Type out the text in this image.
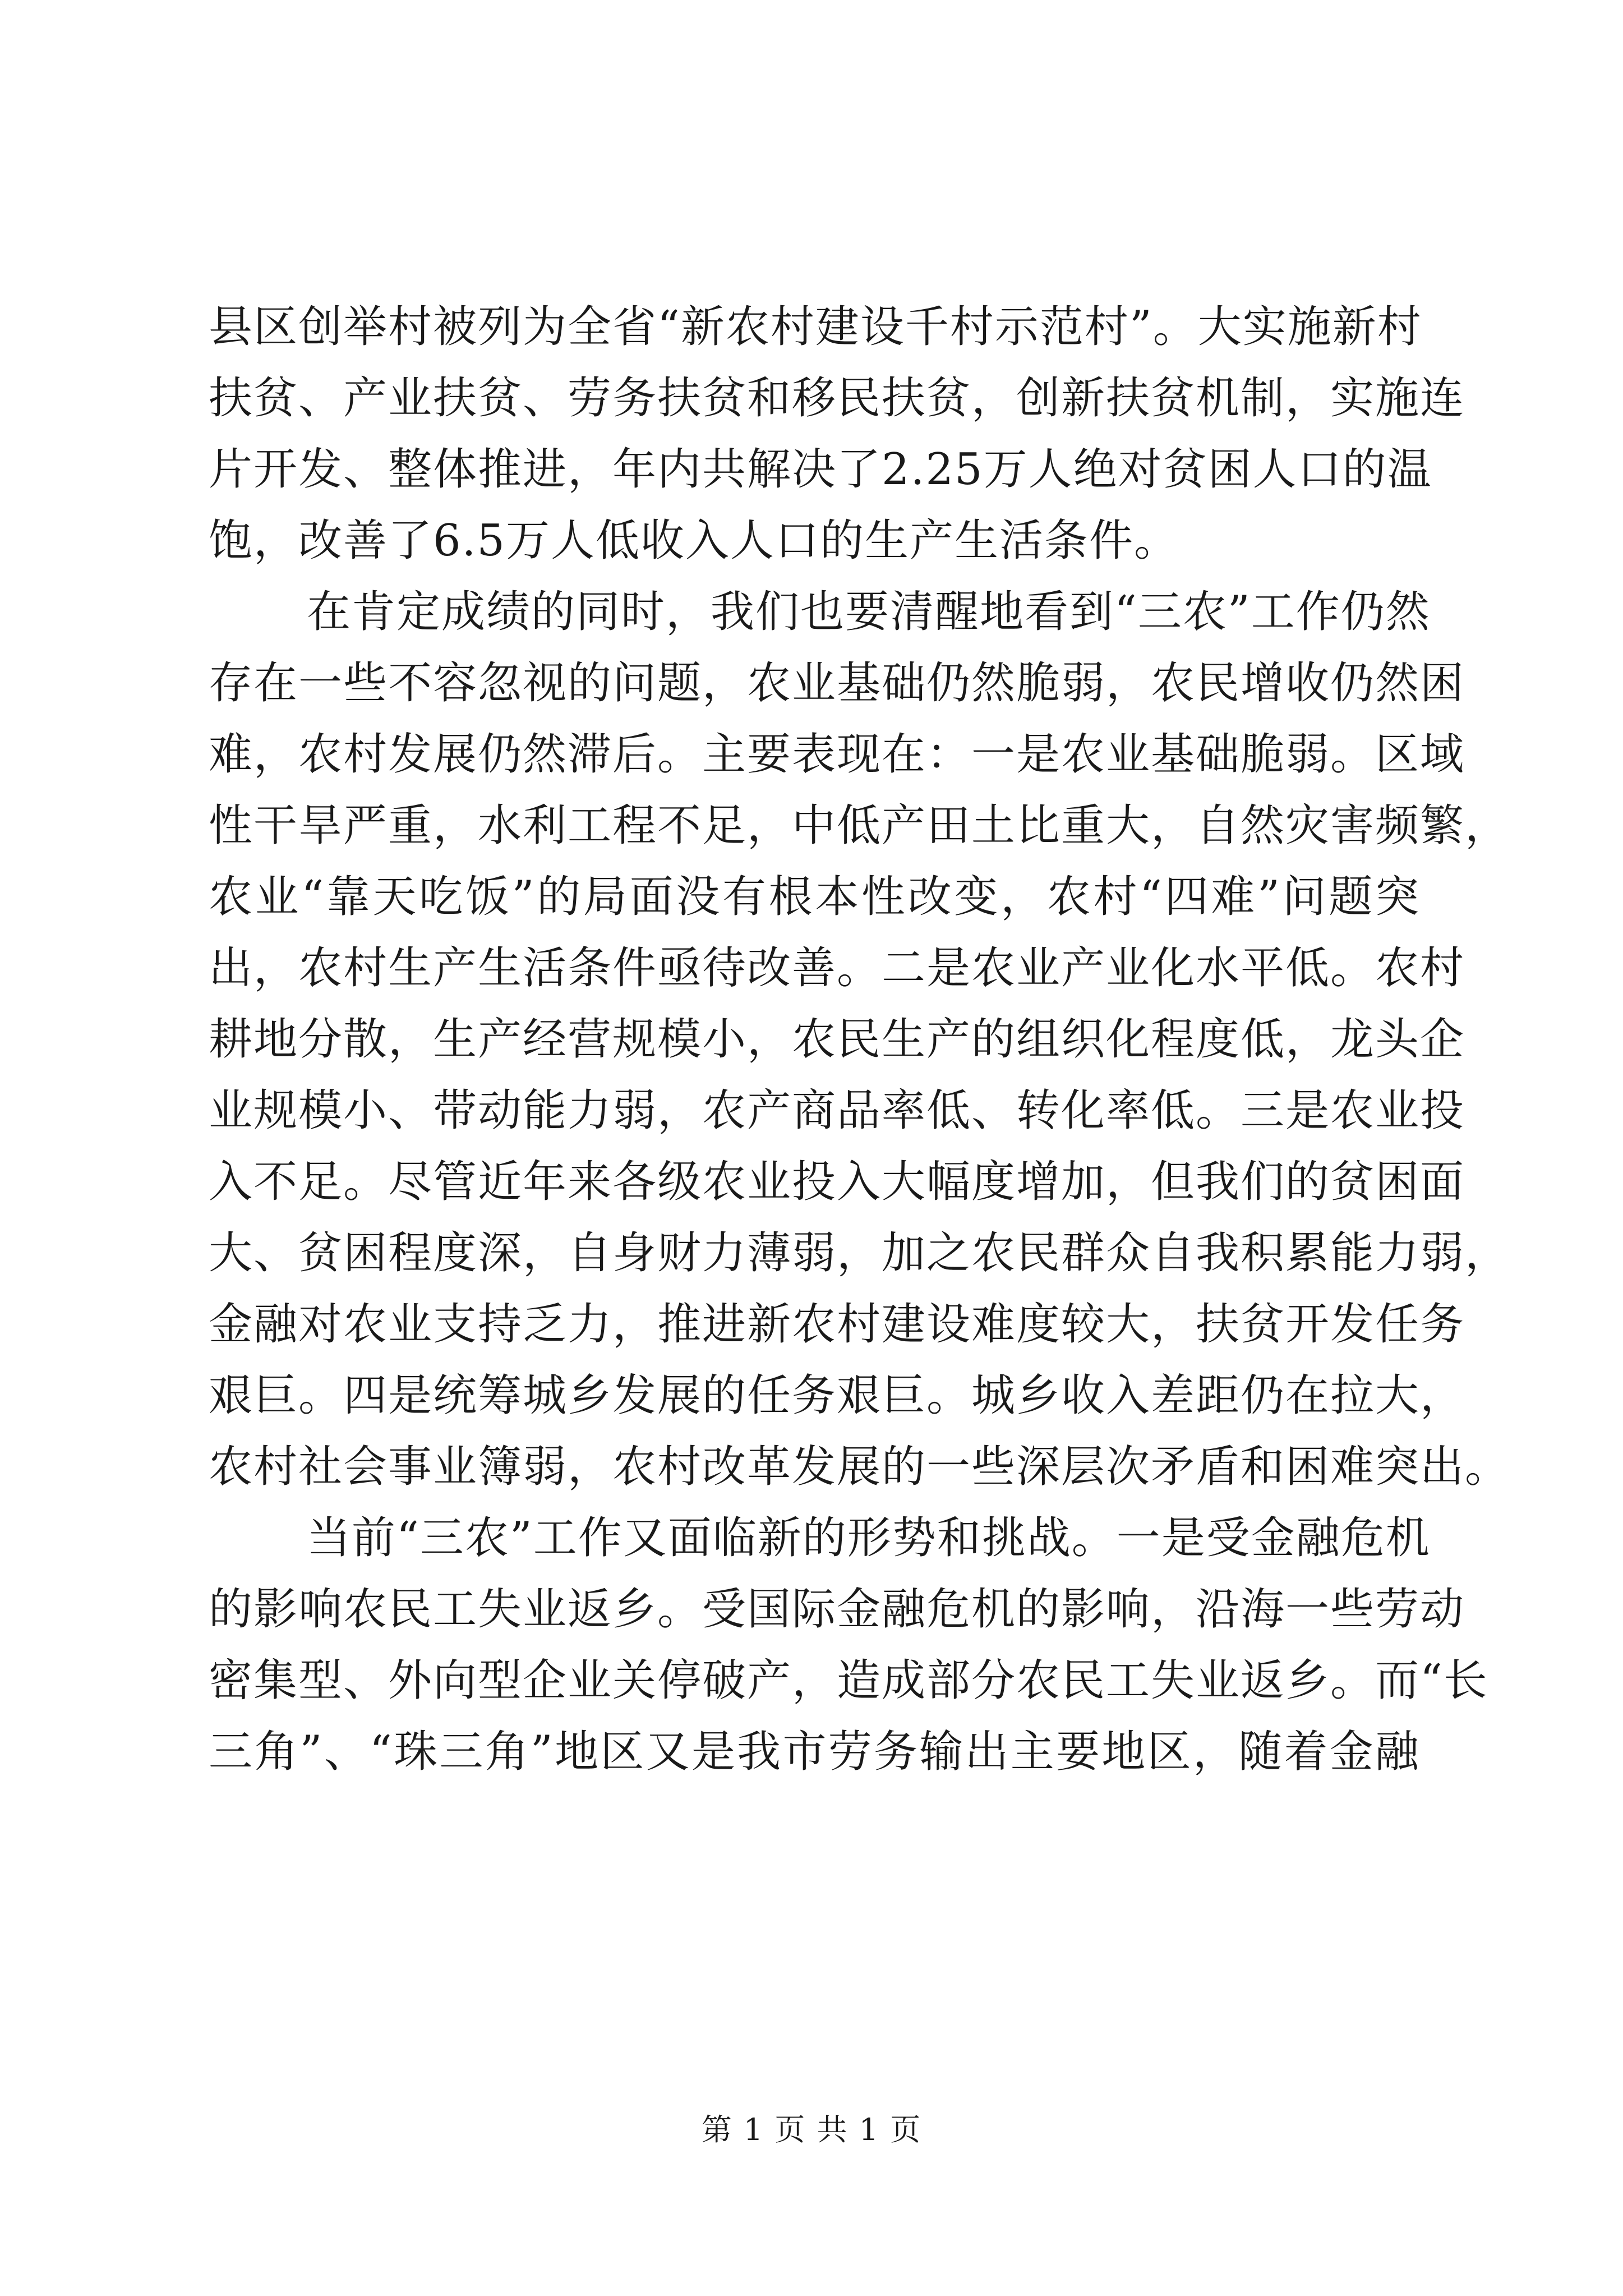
县区创举村被列为全省“新农村建设千村示范村”。大实施新村
扶贫、产业扶贫、劳务扶贫和移民扶贫，创新扶贫机制，实施连
片开发、整体推进，年内共解决了2.25万人绝对贫困人口的温
饱，改善了6.5万人低收入人口的生产生活条件。
在肯定成绩的同时，我们也要清醒地看到“三农”工作仍然
存在一些不容忽视的问题，农业基础仍然脆弱，农民增收仍然困
难，农村发展仍然滞后。主要表现在：一是农业基础脆弱。区域
性干旱严重，水利工程不足，中低产田土比重大，自然灾害频繁，
农业“靠天吃饭”的局面没有根本性改变，农村“四难”问题突
出，农村生产生活条件亟待改善。二是农业产业化水平低。农村
耕地分散，生产经营规模小，农民生产的组织化程度低，龙头企
业规模小、带动能力弱，农产商品率低、转化率低。三是农业投
入不足。尽管近年来各级农业投入大幅度增加，但我们的贫困面
大、贫困程度深，自身财力薄弱，加之农民群众自我积累能力弱，
金融对农业支持乏力，推进新农村建设难度较大，扶贫开发任务
艰巨。四是统筹城乡发展的任务艰巨。城乡收入差距仍在拉大，
农村社会事业簿弱，农村改革发展的一些深层次矛盾和困难突出。
当前“三农”工作又面临新的形势和挑战。一是受金融危机
的影响农民工失业返乡。受国际金融危机的影响，沿海一些劳动
密集型、外向型企业关停破产，造成部分农民工失业返乡。而“长
三角”、“珠三角”地区又是我市劳务输出主要地区，随着金融
第 1 页 共 1 页
